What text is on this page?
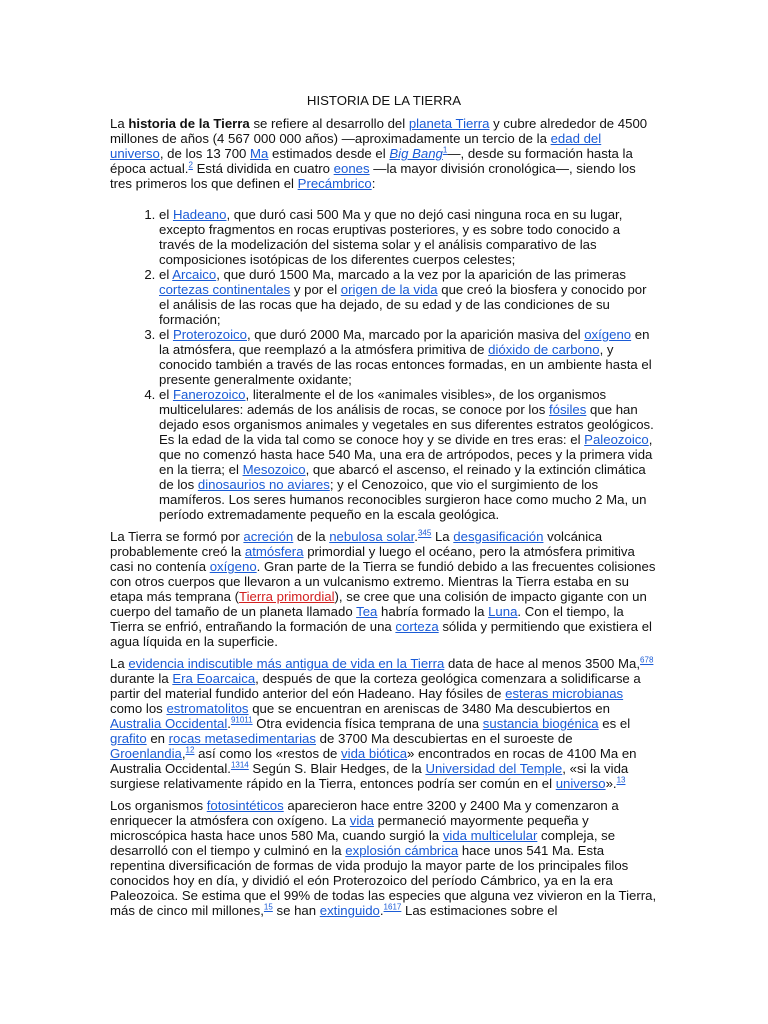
HISTORIA DE LA TIERRA

La historia de la Tierra se refiere al desarrollo del planeta Tierra y cubre alrededor de 4500 millones de años (4 567 000 000 años) —aproximadamente un tercio de la edad del universo, de los 13 700 Ma estimados desde el Big Bang$^1$—, desde su formación hasta la época actual.$^2$ Está dividida en cuatro eones —la mayor división cronológica—, siendo los tres primeros los que definen el Precámbrico:

1. el Hadeano, que duró casi 500 Ma y que no dejó casi ninguna roca en su lugar, excepto fragmentos en rocas eruptivas posteriores, y es sobre todo conocido a través de la modelización del sistema solar y el análisis comparativo de las composiciones isotópicas de los diferentes cuerpos celestes;
2. el Arcaico, que duró 1500 Ma, marcado a la vez por la aparición de las primeras cortezas continentales y por el origen de la vida que creó la biosfera y conocido por el análisis de las rocas que ha dejado, de su edad y de las condiciones de su formación;
3. el Proterozoico, que duró 2000 Ma, marcado por la aparición masiva del oxígeno en la atmósfera, que reemplazó a la atmósfera primitiva de dióxido de carbono, y conocido también a través de las rocas entonces formadas, en un ambiente hasta el presente generalmente oxidante;
4. el Fanerozoico, literalmente el de los «animales visibles», de los organismos multicelulares: además de los análisis de rocas, se conoce por los fósiles que han dejado esos organismos animales y vegetales en sus diferentes estratos geológicos. Es la edad de la vida tal como se conoce hoy y se divide en tres eras: el Paleozoico, que no comenzó hasta hace 540 Ma, una era de artrópodos, peces y la primera vida en la tierra; el Mesozoico, que abarcó el ascenso, el reinado y la extinción climática de los dinosaurios no aviares; y el Cenozoico, que vio el surgimiento de los mamíferos. Los seres humanos reconocibles surgieron hace como mucho 2 Ma, un período extremadamente pequeño en la escala geológica.

La Tierra se formó por acreción de la nebulosa solar.$^{345}$ La desgasificación volcánica probablemente creó la atmósfera primordial y luego el océano, pero la atmósfera primitiva casi no contenía oxígeno. Gran parte de la Tierra se fundió debido a las frecuentes colisiones con otros cuerpos que llevaron a un vulcanismo extremo. Mientras la Tierra estaba en su etapa más temprana (Tierra primordial), se cree que una colisión de impacto gigante con un cuerpo del tamaño de un planeta llamado Tea habría formado la Luna. Con el tiempo, la Tierra se enfrió, entrañando la formación de una corteza sólida y permitiendo que existiera el agua líquida en la superficie.

La evidencia indiscutible más antigua de vida en la Tierra data de hace al menos 3500 Ma,$^{678}$ durante la Era Eoarcaica, después de que la corteza geológica comenzara a solidificarse a partir del material fundido anterior del eón Hadeano. Hay fósiles de esteras microbianas como los estromatolitos que se encuentran en areniscas de 3480 Ma descubiertos en Australia Occidental.$^{91011}$ Otra evidencia física temprana de una sustancia biogénica es el grafito en rocas metasedimentarias de 3700 Ma descubiertas en el suroeste de Groenlandia,$^{12}$ así como los «restos de vida biótica» encontrados en rocas de 4100 Ma en Australia Occidental.$^{1314}$ Según S. Blair Hedges, de la Universidad del Temple, «si la vida surgiese relativamente rápido en la Tierra, entonces podría ser común en el universo».$^{13}$

Los organismos fotosintéticos aparecieron hace entre 3200 y 2400 Ma y comenzaron a enriquecer la atmósfera con oxígeno. La vida permaneció mayormente pequeña y microscópica hasta hace unos 580 Ma, cuando surgió la vida multicelular compleja, se desarrolló con el tiempo y culminó en la explosión cámbrica hace unos 541 Ma. Esta repentina diversificación de formas de vida produjo la mayor parte de los principales filos conocidos hoy en día, y dividió el eón Proterozoico del período Cámbrico, ya en la era Paleozoica. Se estima que el 99% de todas las especies que alguna vez vivieron en la Tierra, más de cinco mil millones,$^{15}$ se han extinguido.$^{1617}$ Las estimaciones sobre el
